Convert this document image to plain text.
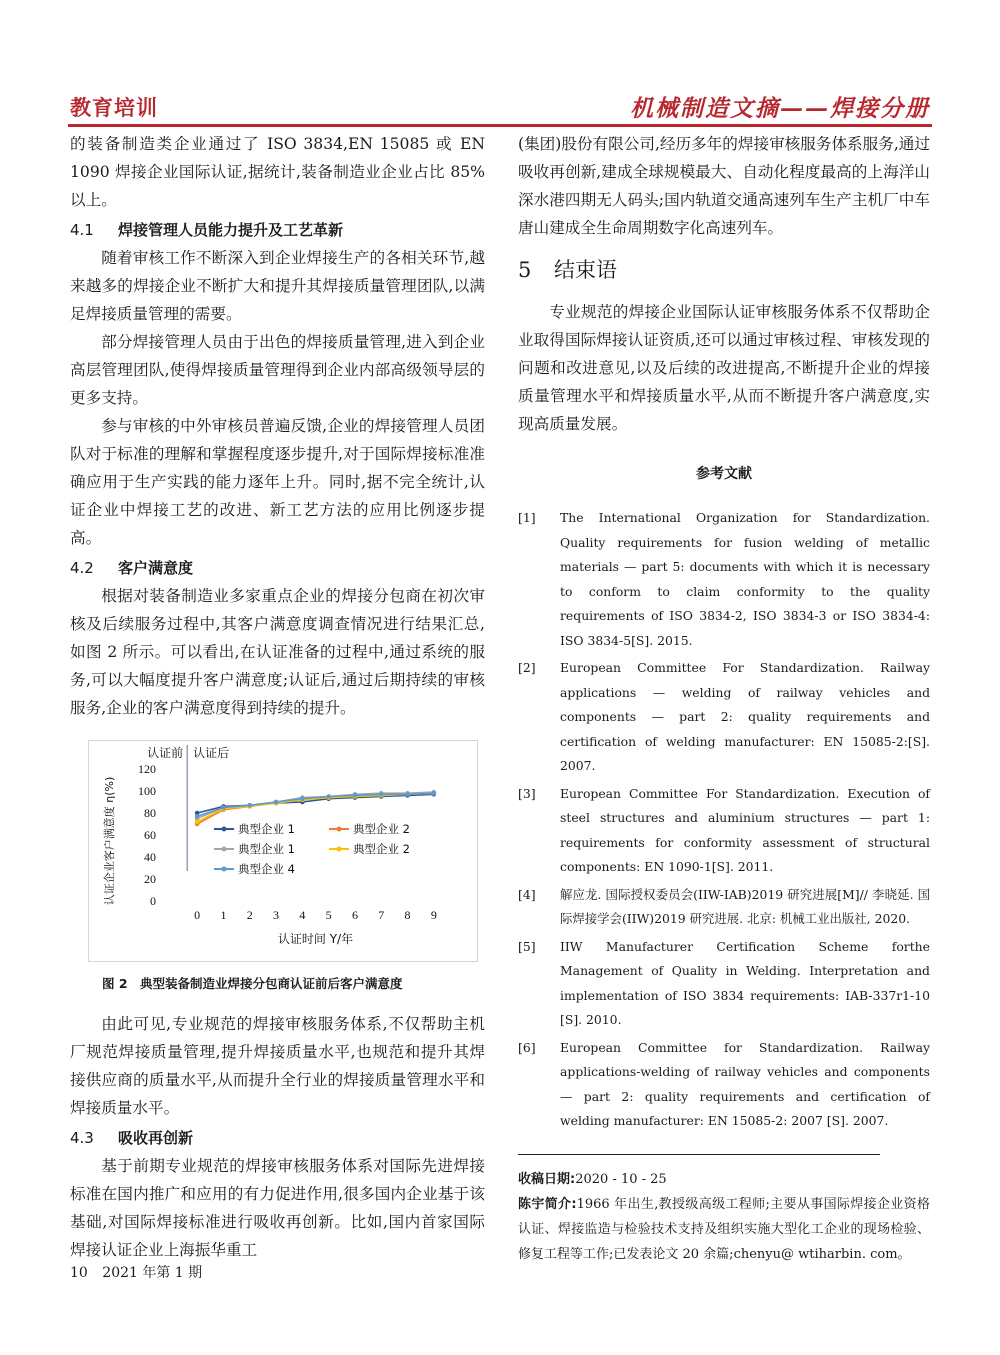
教育培训	机械制造文摘——焊接分册

的装备制造类企业通过了 ISO 3834,EN 15085 或 EN 1090 焊接企业国际认证,据统计,装备制造业企业占比 85% 以上。

4.1 焊接管理人员能力提升及工艺革新

随着审核工作不断深入到企业焊接生产的各相关环节,越来越多的焊接企业不断扩大和提升其焊接质量管理团队,以满足焊接质量管理的需要。

部分焊接管理人员由于出色的焊接质量管理,进入到企业高层管理团队,使得焊接质量管理得到企业内部高级领导层的更多支持。

参与审核的中外审核员普遍反馈,企业的焊接管理人员团队对于标准的理解和掌握程度逐步提升,对于国际焊接标准准确应用于生产实践的能力逐年上升。同时,据不完全统计,认证企业中焊接工艺的改进、新工艺方法的应用比例逐步提高。

4.2 客户满意度

根据对装备制造业多家重点企业的焊接分包商在初次审核及后续服务过程中,其客户满意度调查情况进行结果汇总,如图 2 所示。可以看出,在认证准备的过程中,通过系统的服务,可以大幅度提升客户满意度;认证后,通过后期持续的审核服务,企业的客户满意度得到持续的提升。

0
20
40
60
80
100
120
0 1 2 3 4 5 6 7 8 9
认证时间 Y/年
认证企业客户满意度 η(%)
认证前 认证后
典型企业 1	典型企业 2
典型企业 1	典型企业 2
典型企业 4
图 2　典型装备制造业焊接分包商认证前后客户满意度

由此可见,专业规范的焊接审核服务体系,不仅帮助主机厂规范焊接质量管理,提升焊接质量水平,也规范和提升其焊接供应商的质量水平,从而提升全行业的焊接质量管理水平和焊接质量水平。

4.3 吸收再创新

基于前期专业规范的焊接审核服务体系对国际先进焊接标准在国内推广和应用的有力促进作用,很多国内企业基于该基础,对国际焊接标准进行吸收再创新。比如,国内首家国际焊接认证企业上海振华重工

(集团)股份有限公司,经历多年的焊接审核服务体系服务,通过吸收再创新,建成全球规模最大、自动化程度最高的上海洋山深水港四期无人码头;国内轨道交通高速列车生产主机厂中车唐山建成全生命周期数字化高速列车。

5 结束语

专业规范的焊接企业国际认证审核服务体系不仅帮助企业取得国际焊接认证资质,还可以通过审核过程、审核发现的问题和改进意见,以及后续的改进提高,不断提升企业的焊接质量管理水平和焊接质量水平,从而不断提升客户满意度,实现高质量发展。

参考文献
[1] The International Organization for Standardization. Quality requirements for fusion welding of metallic materials — part 5: documents with which it is necessary to conform to claim conformity to the quality requirements of ISO 3834-2, ISO 3834-3 or ISO 3834-4: ISO 3834-5[S]. 2015.
[2] European Committee For Standardization. Railway applications — welding of railway vehicles and components — part 2: quality requirements and certification of welding manufacturer: EN 15085-2:[S]. 2007.
[3] European Committee For Standardization. Execution of steel structures and aluminium structures — part 1: requirements for conformity assessment of structural components: EN 1090-1[S]. 2011.
[4] 解应龙. 国际授权委员会(IIW-IAB)2019 研究进展[M]// 李晓延. 国际焊接学会(IIW)2019 研究进展. 北京: 机械工业出版社, 2020.
[5] IIW Manufacturer Certification Scheme forthe Management of Quality in Welding. Interpretation and implementation of ISO 3834 requirements: IAB-337r1-10 [S]. 2010.
[6] European Committee for Standardization. Railway applications-welding of railway vehicles and components — part 2: quality requirements and certification of welding manufacturer: EN 15085-2: 2007 [S]. 2007.
收稿日期:2020 - 10 - 25
陈宇简介:1966 年出生,教授级高级工程师;主要从事国际焊接企业资格认证、焊接监造与检验技术支持及组织实施大型化工企业的现场检验、修复工程等工作;已发表论文 20 余篇;chenyu@ wtiharbin. com。
10 2021 年第 1 期
